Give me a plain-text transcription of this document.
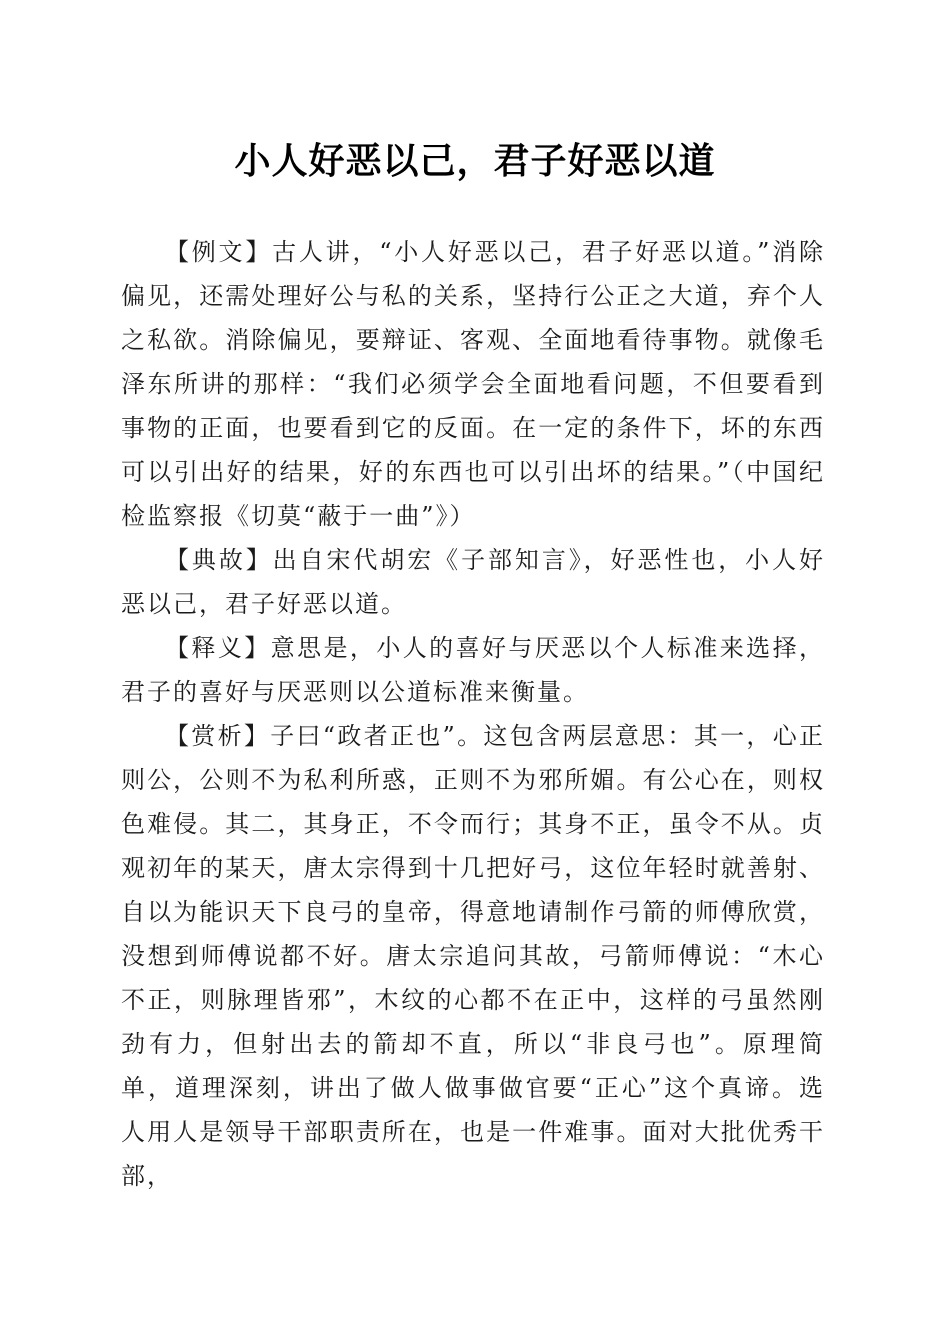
小人好恶以己，君子好恶以道

【例文】古人讲，“小人好恶以己，君子好恶以道。”消除偏见，还需处理好公与私的关系，坚持行公正之大道，弃个人之私欲。消除偏见，要辩证、客观、全面地看待事物。就像毛泽东所讲的那样：“我们必须学会全面地看问题，不但要看到事物的正面，也要看到它的反面。在一定的条件下，坏的东西可以引出好的结果，好的东西也可以引出坏的结果。”（中国纪检监察报《切莫“蔽于一曲”》）

【典故】出自宋代胡宏《子部知言》，好恶性也，小人好恶以己，君子好恶以道。

【释义】意思是，小人的喜好与厌恶以个人标准来选择，君子的喜好与厌恶则以公道标准来衡量。

【赏析】子曰“政者正也”。这包含两层意思：其一，心正则公，公则不为私利所惑，正则不为邪所媚。有公心在，则权色难侵。其二，其身正，不令而行；其身不正，虽令不从。贞观初年的某天，唐太宗得到十几把好弓，这位年轻时就善射、自以为能识天下良弓的皇帝，得意地请制作弓箭的师傅欣赏，没想到师傅说都不好。唐太宗追问其故，弓箭师傅说：“木心不正，则脉理皆邪”，木纹的心都不在正中，这样的弓虽然刚劲有力，但射出去的箭却不直，所以“非良弓也”。原理简单，道理深刻，讲出了做人做事做官要“正心”这个真谛。选人用人是领导干部职责所在，也是一件难事。面对大批优秀干部，
